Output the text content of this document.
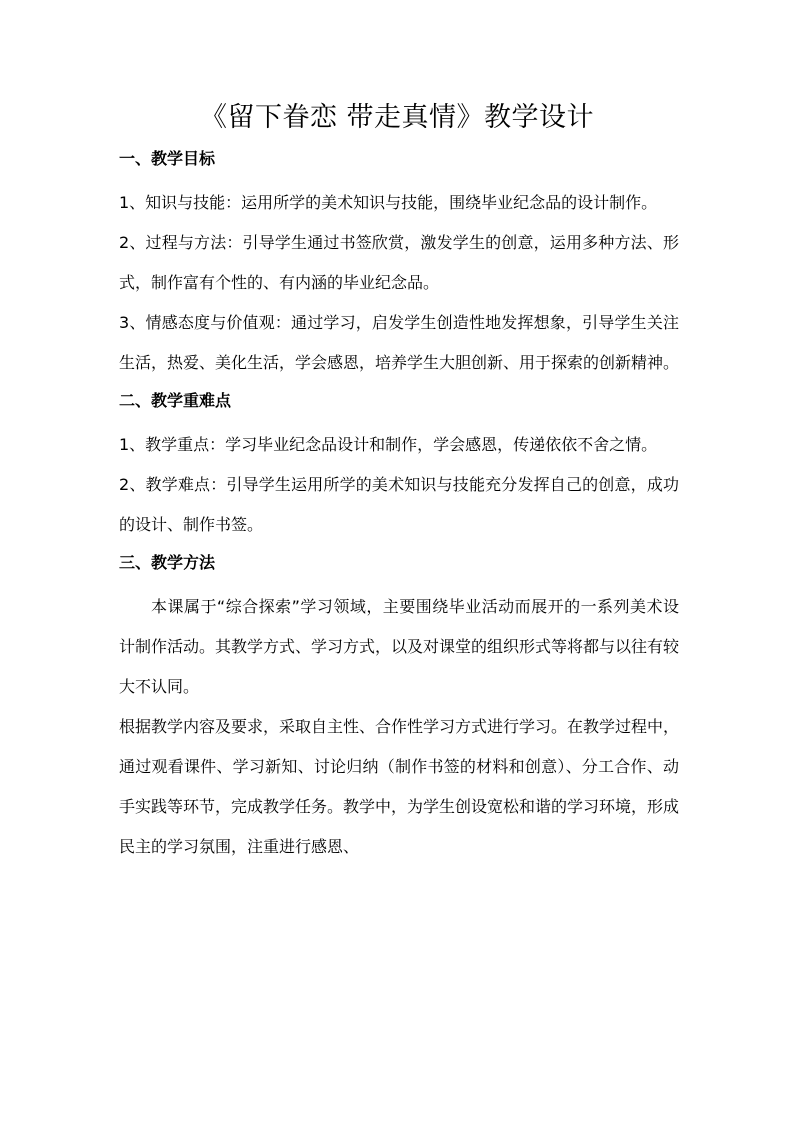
《留下眷恋 带走真情》教学设计
一、教学目标

1、知识与技能：运用所学的美术知识与技能，围绕毕业纪念品的设计制作。

2、过程与方法：引导学生通过书签欣赏，激发学生的创意，运用多种方法、形式，制作富有个性的、有内涵的毕业纪念品。

3、情感态度与价值观：通过学习，启发学生创造性地发挥想象，引导学生关注生活，热爱、美化生活，学会感恩，培养学生大胆创新、用于探索的创新精神。

二、教学重难点

1、教学重点：学习毕业纪念品设计和制作，学会感恩，传递依依不舍之情。

2、教学难点：引导学生运用所学的美术知识与技能充分发挥自己的创意，成功的设计、制作书签。

三、教学方法

本课属于“综合探索”学习领域，主要围绕毕业活动而展开的一系列美术设计制作活动。其教学方式、学习方式，以及对课堂的组织形式等将都与以往有较大不认同。

根据教学内容及要求，采取自主性、合作性学习方式进行学习。在教学过程中，通过观看课件、学习新知、讨论归纳（制作书签的材料和创意）、分工合作、动手实践等环节，完成教学任务。教学中，为学生创设宽松和谐的学习环境，形成民主的学习氛围，注重进行感恩、
